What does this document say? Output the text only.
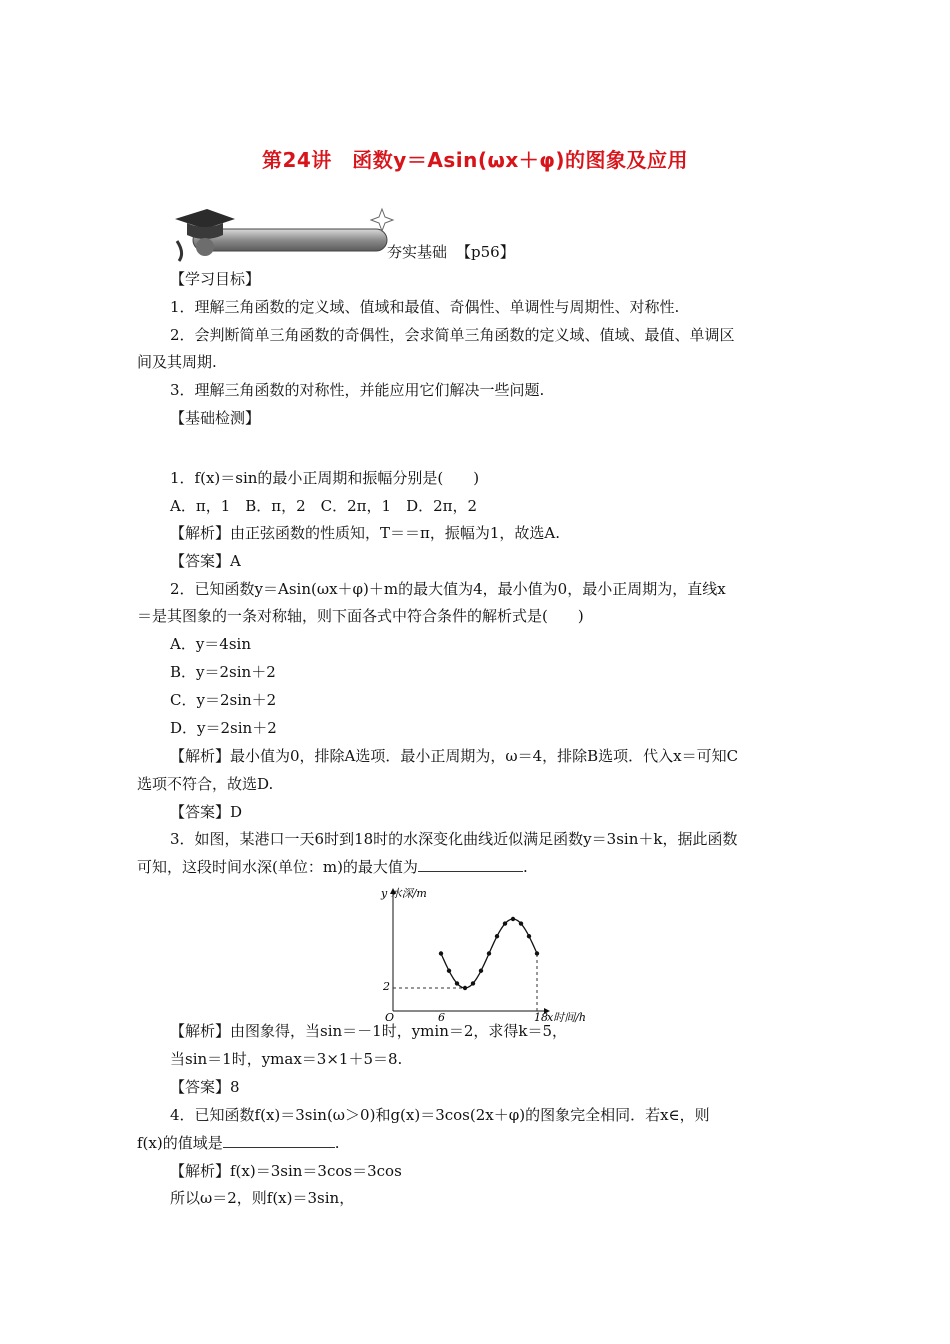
第24讲　函数y＝Asin(ωx＋φ)的图象及应用
夯实基础 【p56】
【学习目标】
1．理解三角函数的定义域、值域和最值、奇偶性、单调性与周期性、对称性.
2．会判断简单三角函数的奇偶性，会求简单三角函数的定义域、值域、最值、单调区
间及其周期.
3．理解三角函数的对称性，并能应用它们解决一些问题.
【基础检测】
1．f(x)＝sin的最小正周期和振幅分别是(　　)
A．π，1　B．π，2　C．2π，1　D．2π，2
【解析】由正弦函数的性质知，T＝＝π，振幅为1，故选A.
【答案】A
2．已知函数y＝Asin(ωx＋φ)＋m的最大值为4，最小值为0，最小正周期为，直线x
＝是其图象的一条对称轴，则下面各式中符合条件的解析式是(　　)
A．y＝4sin
B．y＝2sin＋2
C．y＝2sin＋2
D．y＝2sin＋2
【解析】最小值为0，排除A选项．最小正周期为，ω＝4，排除B选项．代入x＝可知C
选项不符合，故选D.
【答案】D
3．如图，某港口一天6时到18时的水深变化曲线近似满足函数y＝3sin＋k，据此函数
可知，这段时间水深(单位：m)的最大值为	.
y 水深/m
x时间/h
O	6	18
2
【解析】由图象得，当sin＝－1时，ymin＝2，求得k＝5，
当sin＝1时，ymax＝3×1＋5＝8.
【答案】8
4．已知函数f(x)＝3sin(ω＞0)和g(x)＝3cos(2x＋φ)的图象完全相同．若x∈，则
f(x)的值域是	.
【解析】f(x)＝3sin＝3cos＝3cos
所以ω＝2，则f(x)＝3sin，
